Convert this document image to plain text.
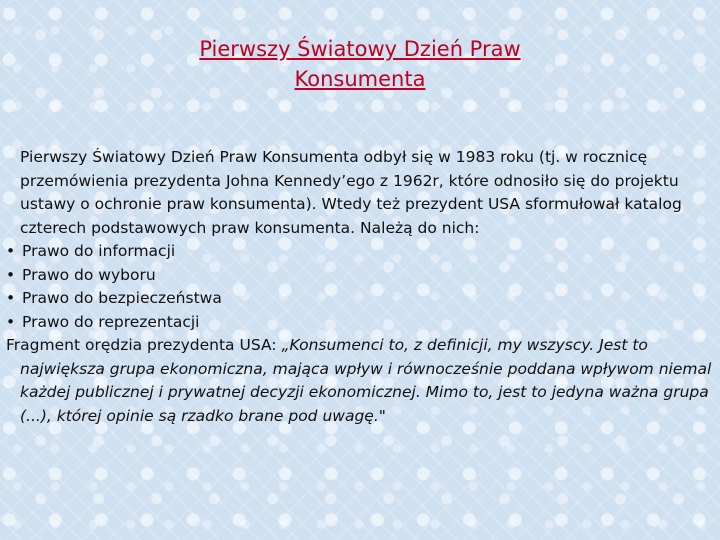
Pierwszy Światowy Dzień Praw
Konsumenta

Pierwszy Światowy Dzień Praw Konsumenta odbył się w 1983 roku (tj. w rocznicę przemówienia prezydenta Johna Kennedy’ego z 1962r, które odnosiło się do projektu ustawy o ochronie praw konsumenta). Wtedy też prezydent USA sformułował katalog czterech podstawowych praw konsumenta. Należą do nich:

• Prawo do informacji

• Prawo do wyboru

• Prawo do bezpieczeństwa

• Prawo do reprezentacji

Fragment orędzia prezydenta USA: „Konsumenci to, z definicji, my wszyscy. Jest to największa grupa ekonomiczna, mająca wpływ i równocześnie poddana wpływom niemal każdej publicznej i prywatnej decyzji ekonomicznej. Mimo to, jest to jedyna ważna grupa (...), której opinie są rzadko brane pod uwagę."
